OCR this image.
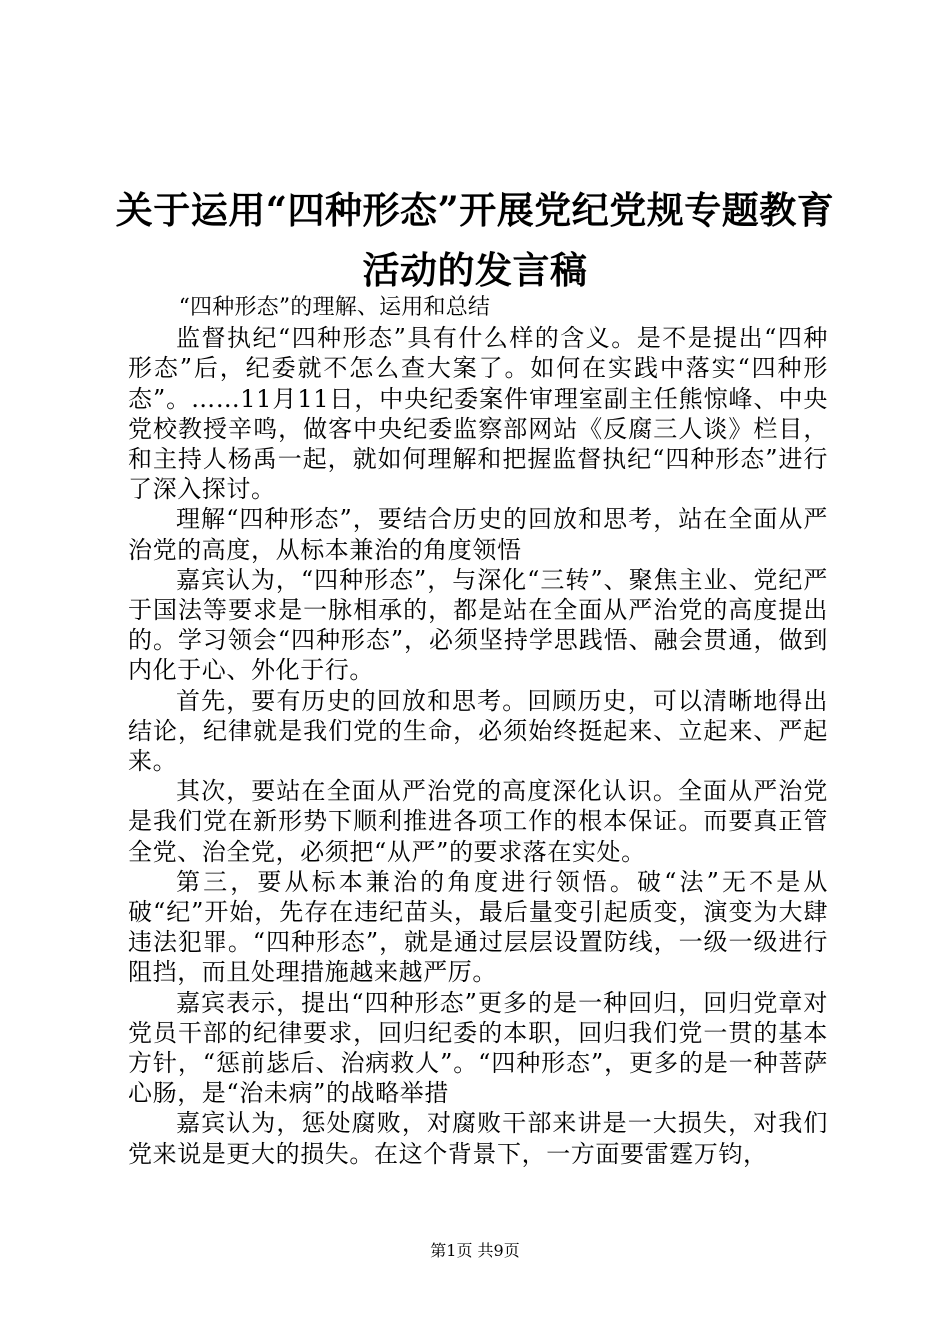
关于运用“四种形态”开展党纪党规专题教育
活动的发言稿

“四种形态”的理解、运用和总结

监督执纪“四种形态”具有什么样的含义。是不是提出“四种形态”后，纪委就不怎么查大案了。如何在实践中落实“四种形态”。……11月11日，中央纪委案件审理室副主任熊惊峰、中央党校教授辛鸣，做客中央纪委监察部网站《反腐三人谈》栏目，和主持人杨禹一起，就如何理解和把握监督执纪“四种形态”进行了深入探讨。

理解“四种形态”，要结合历史的回放和思考，站在全面从严治党的高度，从标本兼治的角度领悟

嘉宾认为，“四种形态”，与深化“三转”、聚焦主业、党纪严于国法等要求是一脉相承的，都是站在全面从严治党的高度提出的。学习领会“四种形态”，必须坚持学思践悟、融会贯通，做到内化于心、外化于行。

首先，要有历史的回放和思考。回顾历史，可以清晰地得出结论，纪律就是我们党的生命，必须始终挺起来、立起来、严起来。

其次，要站在全面从严治党的高度深化认识。全面从严治党是我们党在新形势下顺利推进各项工作的根本保证。而要真正管全党、治全党，必须把“从严”的要求落在实处。

第三，要从标本兼治的角度进行领悟。破“法”无不是从破“纪”开始，先存在违纪苗头，最后量变引起质变，演变为大肆违法犯罪。“四种形态”，就是通过层层设置防线，一级一级进行阻挡，而且处理措施越来越严厉。

嘉宾表示，提出“四种形态”更多的是一种回归，回归党章对党员干部的纪律要求，回归纪委的本职，回归我们党一贯的基本方针，“惩前毖后、治病救人”。“四种形态”，更多的是一种菩萨心肠，是“治未病”的战略举措

嘉宾认为，惩处腐败，对腐败干部来讲是一大损失，对我们党来说是更大的损失。在这个背景下，一方面要雷霆万钧，

第1页 共9页
